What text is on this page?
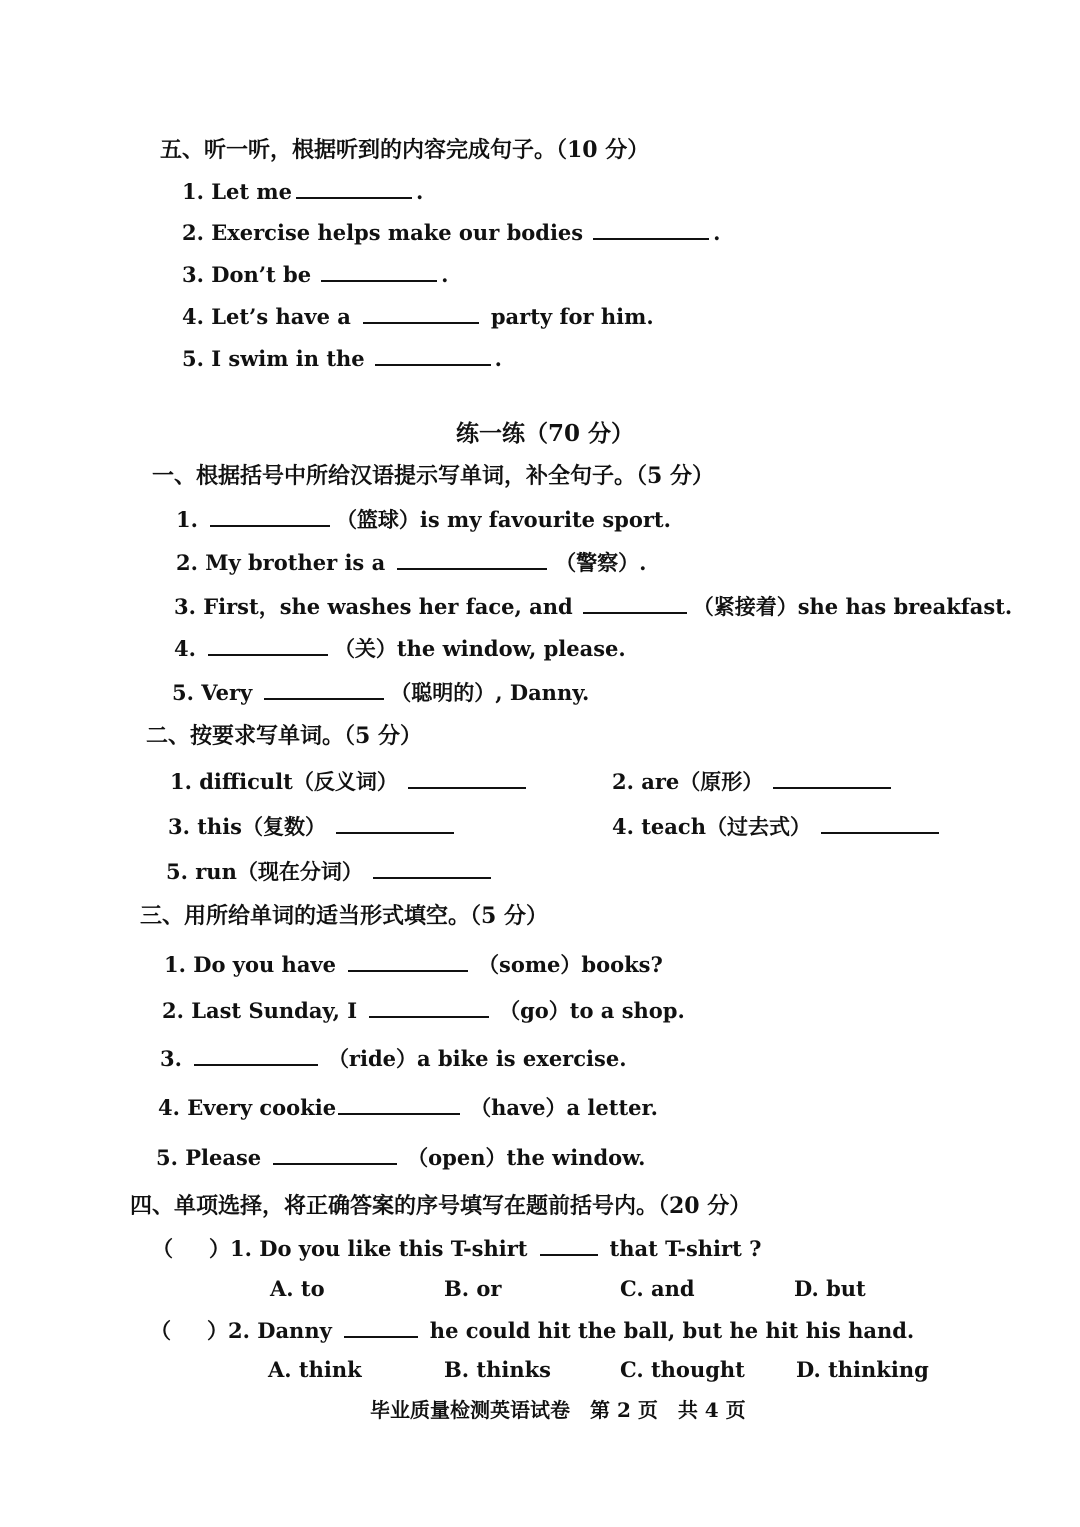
五、听一听，根据听到的内容完成句子。（10 分）
1. Let me	.
2. Exercise helps make our bodies	.
3. Don’t be	.
4. Let’s have a	party for him.
5. I swim in the	.
练一练（70 分）
一、根据括号中所给汉语提示写单词，补全句子。（5 分）
1.	（篮球）is my favourite sport.
2. My brother is a	（警察）.
3. First，she washes her face, and	（紧接着）she has breakfast.
4.	（关）the window, please.
5. Very	（聪明的）, Danny.
二、按要求写单词。（5 分）
1. difficult（反义词）	2. are（原形）
3. this（复数）	4. teach（过去式）
5. run（现在分词）
三、用所给单词的适当形式填空。（5 分）
1. Do you have	（some）books?
2. Last Sunday, I	（go）to a shop.
3.	（ride）a bike is exercise.
4. Every cookie	（have）a letter.
5. Please	（open）the window.
四、单项选择，将正确答案的序号填写在题前括号内。（20 分）
（ ）1. Do you like this T-shirt	that T-shirt ?
A. to	B. or	C. and	D. but
（ ）2. Danny	he could hit the ball, but he hit his hand.
A. think	B. thinks	C. thought D. thinking
毕业质量检测英语试卷　第 2 页　共 4 页
